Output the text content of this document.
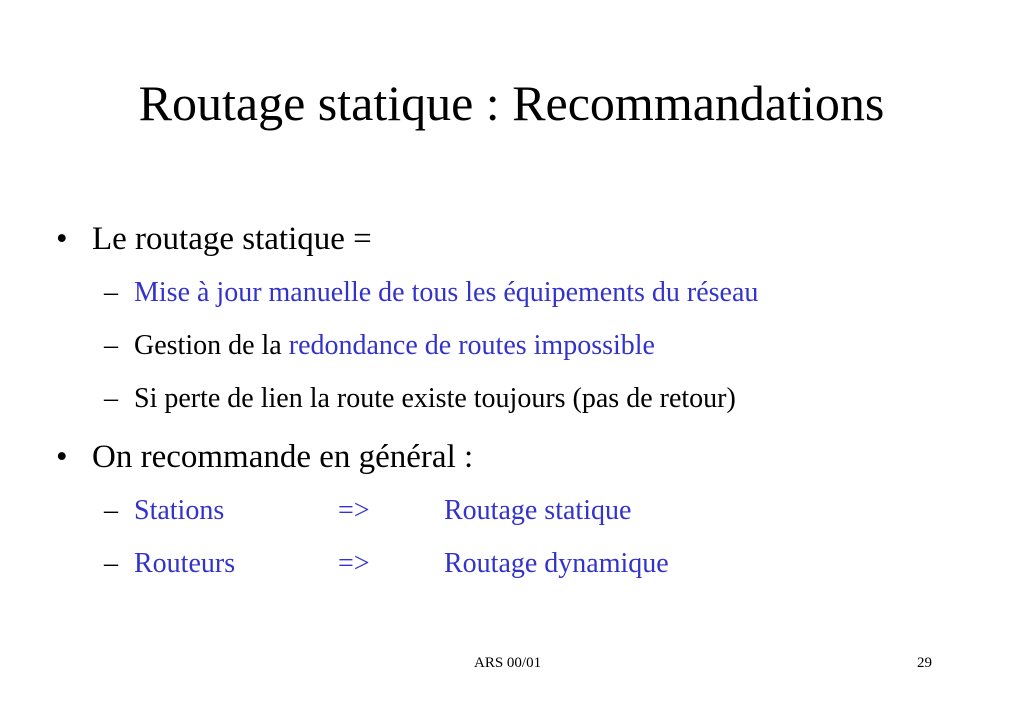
Routage statique : Recommandations
• Le routage statique =
– Mise à jour manuelle de tous les équipements du réseau
– Gestion de la redondance de routes impossible
– Si perte de lien la route existe toujours (pas de retour)
• On recommande en général :
– Stations	=>	Routage statique
– Routeurs	=>	Routage dynamique
ARS 00/01	29
